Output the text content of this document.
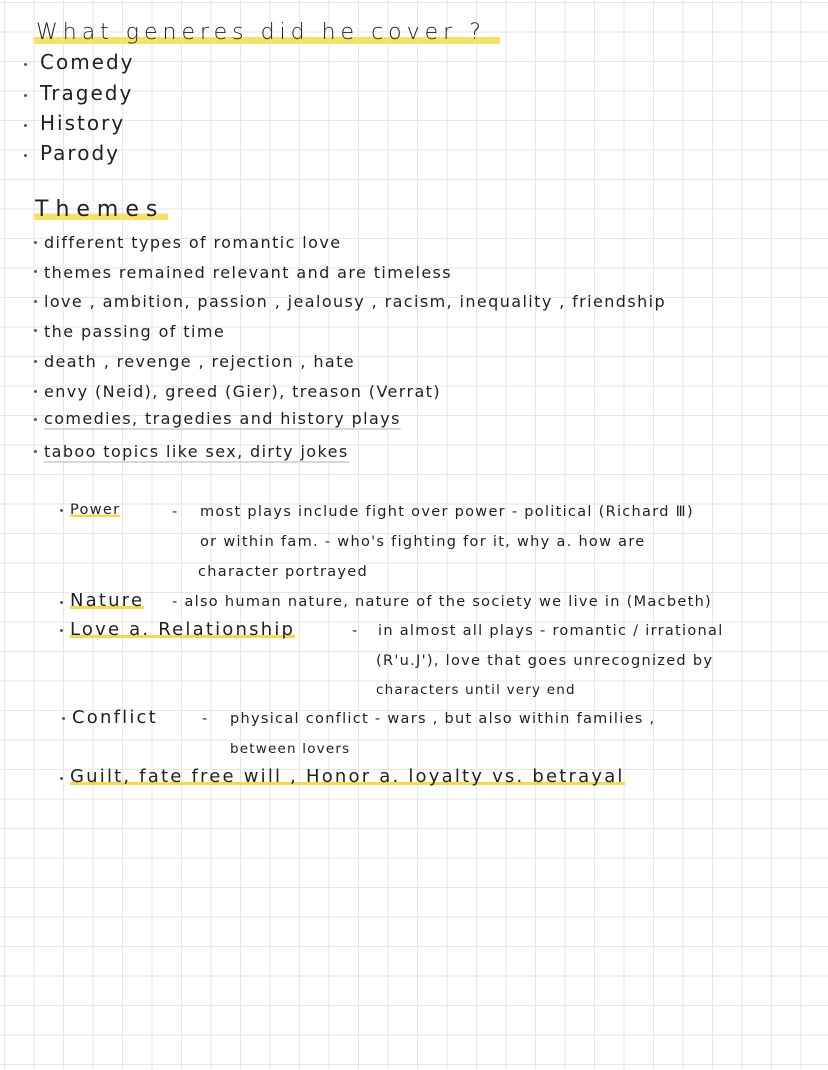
What generes did he cover ?
Comedy
Tragedy
History
Parody
Themes
different types of romantic love
themes remained relevant and are timeless
love , ambition, passion , jealousy , racism, inequality , friendship
the passing of time
death , revenge , rejection , hate
envy (Neid), greed (Gier), treason (Verrat)
comedies, tragedies and history plays
taboo topics like sex, dirty jokes
Power	- most plays include fight over power - political (Richard Ⅲ)
or within fam. - who's fighting for it, why a. how are
character portrayed
Nature - also human nature, nature of the society we live in (Macbeth)
Love a. Relationship	- in almost all plays - romantic / irrational
(R'u.J'), love that goes unrecognized by
characters until very end
Conflict	- physical conflict - wars , but also within families ,
between lovers
Guilt, fate free will , Honor a. loyalty vs. betrayal
